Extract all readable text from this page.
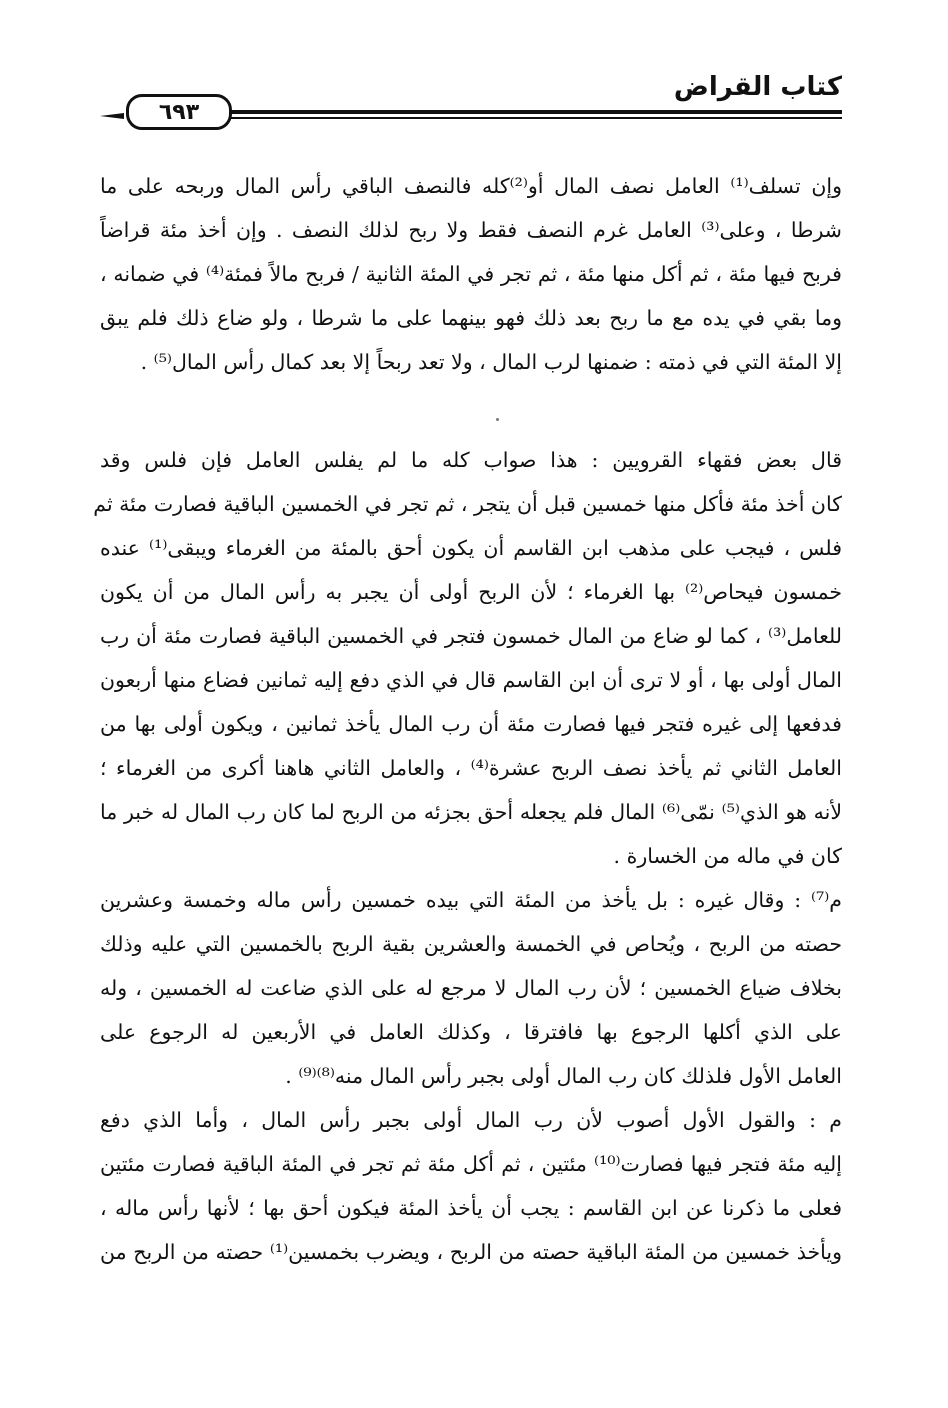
كتاب القراض
٦٩٣
وإن تسلف⁽¹⁾ العامل نصف المال أو⁽²⁾كله فالنصف الباقي رأس المال وربحه على ما
شرطا ، وعلى⁽³⁾ العامل غرم النصف فقط ولا ربح لذلك النصف . وإن أخذ مئة قراضاً
فربح فيها مئة ، ثم أكل منها مئة ، ثم تجر في المئة الثانية / فربح مالاً فمئة⁽⁴⁾ في ضمانه ،
وما بقي في يده مع ما ربح بعد ذلك فهو بينهما على ما شرطا ، ولو ضاع ذلك فلم يبق
إلا المئة التي في ذمته : ضمنها لرب المال ، ولا تعد ربحاً إلا بعد كمال رأس المال⁽⁵⁾ .
قال بعض فقهاء القرويين : هذا صواب كله ما لم يفلس العامل فإن فلس وقد
كان أخذ مئة فأكل منها خمسين قبل أن يتجر ، ثم تجر في الخمسين الباقية فصارت مئة ثم
فلس ، فيجب على مذهب ابن القاسم أن يكون أحق بالمئة من الغرماء ويبقى⁽¹⁾ عنده
خمسون فيحاص⁽²⁾ بها الغرماء ؛ لأن الربح أولى أن يجبر به رأس المال من أن يكون
للعامل⁽³⁾ ، كما لو ضاع من المال خمسون فتجر في الخمسين الباقية فصارت مئة أن رب
المال أولى بها ، أو لا ترى أن ابن القاسم قال في الذي دفع إليه ثمانين فضاع منها أربعون
فدفعها إلى غيره فتجر فيها فصارت مئة أن رب المال يأخذ ثمانين ، ويكون أولى بها من
العامل الثاني ثم يأخذ نصف الربح عشرة⁽⁴⁾ ، والعامل الثاني هاهنا أكرى من الغرماء ؛
لأنه هو الذي⁽⁵⁾ نمّى⁽⁶⁾ المال فلم يجعله أحق بجزئه من الربح لما كان رب المال له خبر ما
كان في ماله من الخسارة .
م⁽⁷⁾ : وقال غيره : بل يأخذ من المئة التي بيده خمسين رأس ماله وخمسة وعشرين
حصته من الربح ، ويُحاص في الخمسة والعشرين بقية الربح بالخمسين التي عليه وذلك
بخلاف ضياع الخمسين ؛ لأن رب المال لا مرجع له على الذي ضاعت له الخمسين ، وله
على الذي أكلها الرجوع بها فافترقا ، وكذلك العامل في الأربعين له الرجوع على
العامل الأول فلذلك كان رب المال أولى بجبر رأس المال منه⁽⁸⁾⁽⁹⁾ .
م : والقول الأول أصوب لأن رب المال أولى بجبر رأس المال ، وأما الذي دفع
إليه مئة فتجر فيها فصارت⁽¹⁰⁾ مئتين ، ثم أكل مئة ثم تجر في المئة الباقية فصارت مئتين
فعلى ما ذكرنا عن ابن القاسم : يجب أن يأخذ المئة فيكون أحق بها ؛ لأنها رأس ماله ،
ويأخذ خمسين من المئة الباقية حصته من الربح ، ويضرب بخمسين⁽¹⁾ حصته من الربح من
